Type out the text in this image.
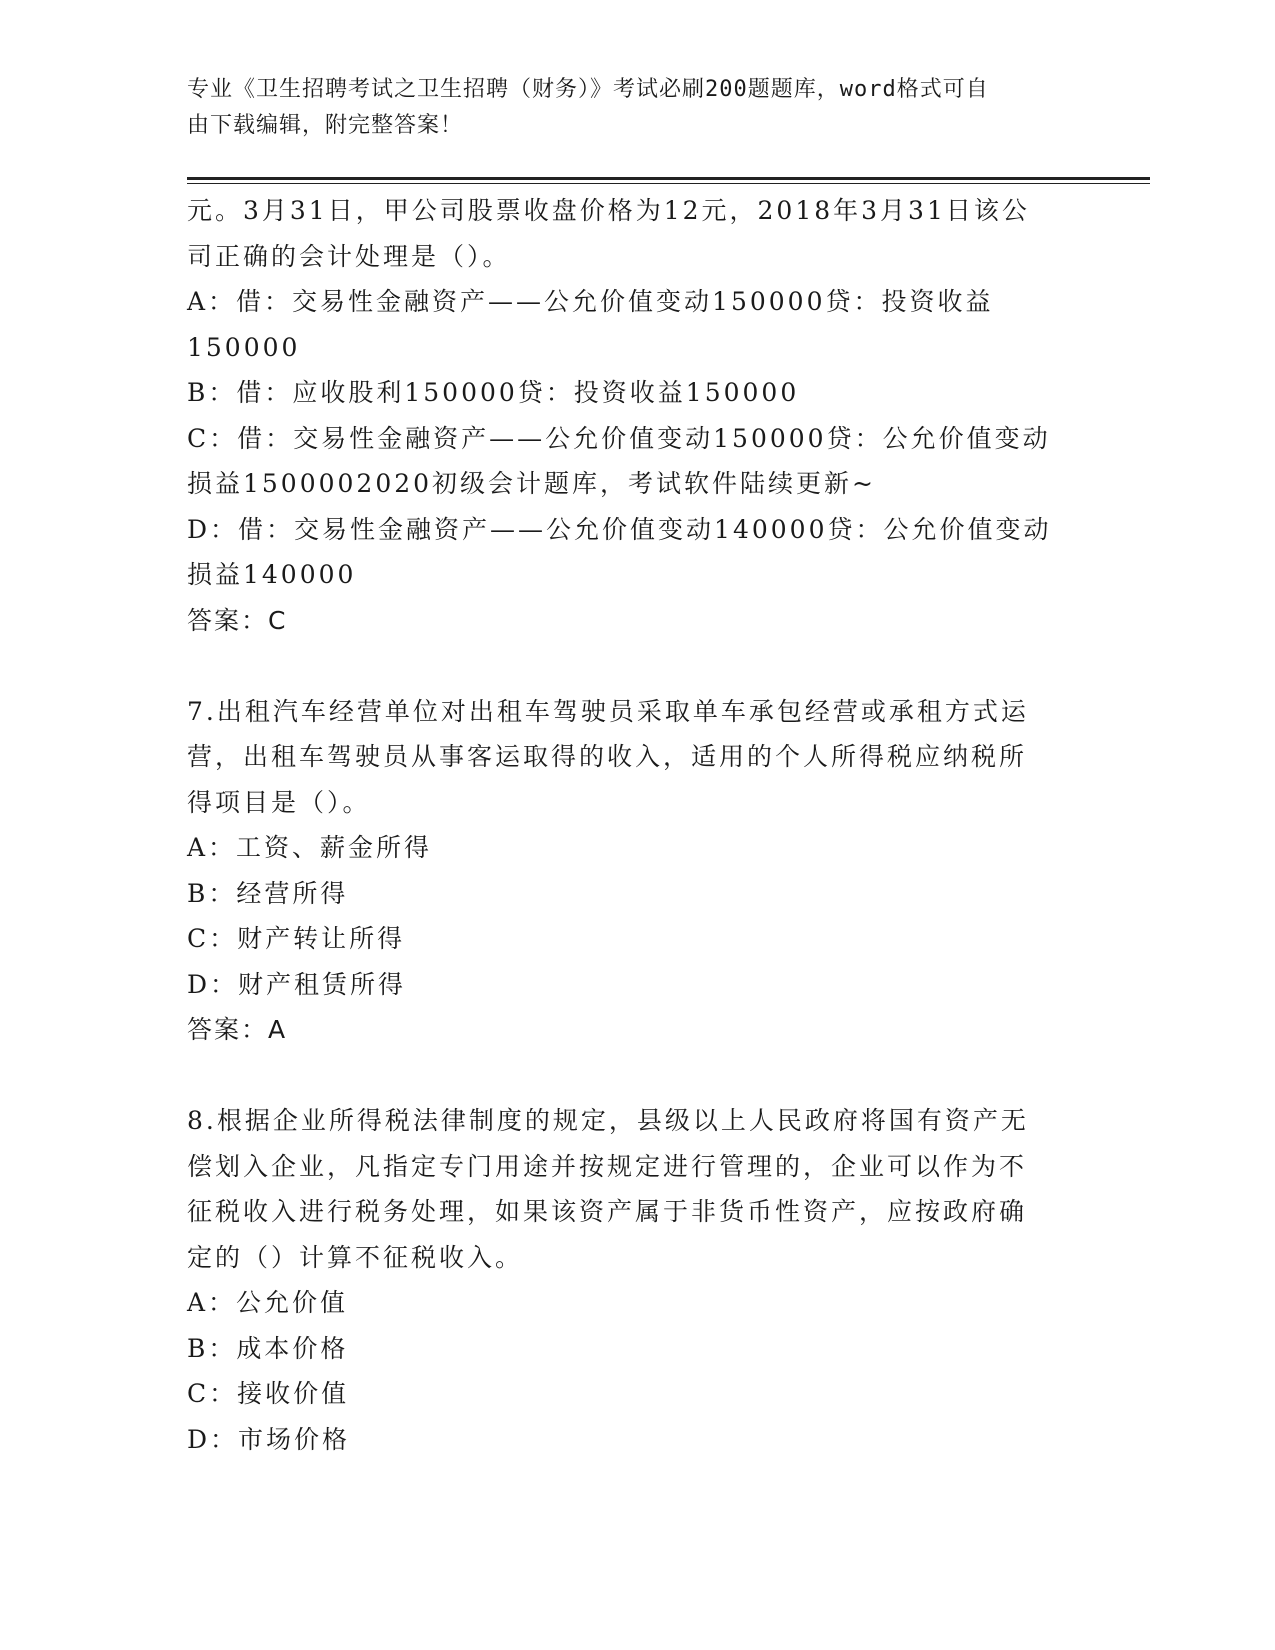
专业《卫生招聘考试之卫生招聘（财务）》考试必刷200题题库，word格式可自
由下载编辑，附完整答案！

元。3月31日，甲公司股票收盘价格为12元，2018年3月31日该公

司正确的会计处理是（）。

A：借：交易性金融资产——公允价值变动150000贷：投资收益

150000

B：借：应收股利150000贷：投资收益150000

C：借：交易性金融资产——公允价值变动150000贷：公允价值变动

损益1500002020初级会计题库，考试软件陆续更新~

D：借：交易性金融资产——公允价值变动140000贷：公允价值变动

损益140000

答案：C

7.出租汽车经营单位对出租车驾驶员采取单车承包经营或承租方式运

营，出租车驾驶员从事客运取得的收入，适用的个人所得税应纳税所

得项目是（）。

A：工资、薪金所得

B：经营所得

C：财产转让所得

D：财产租赁所得

答案：A

8.根据企业所得税法律制度的规定，县级以上人民政府将国有资产无

偿划入企业，凡指定专门用途并按规定进行管理的，企业可以作为不

征税收入进行税务处理，如果该资产属于非货币性资产，应按政府确

定的（）计算不征税收入。

A：公允价值

B：成本价格

C：接收价值

D：市场价格
